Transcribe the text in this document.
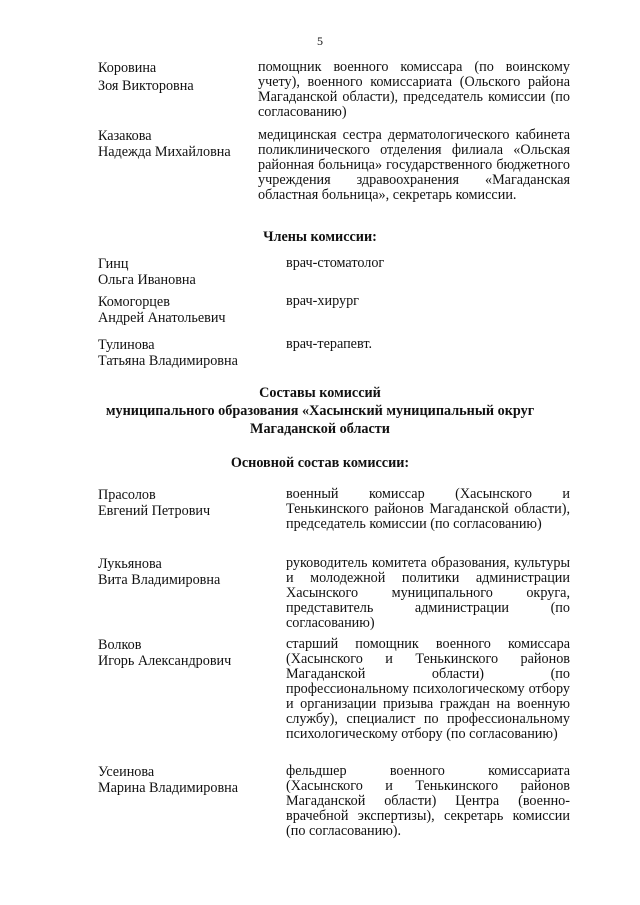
5
Коровина
Зоя Викторовна
помощник военного комиссара (по воинскому учету), военного комиссариата (Ольского района Магаданской области), председатель комиссии (по согласованию)
Казакова
Надежда Михайловна
медицинская сестра дерматологического кабинета поликлинического отделения филиала «Ольская районная больница» государственного бюджетного учреждения здравоохранения «Магаданская областная больница», секретарь комиссии.
Члены комиссии:
Гинц
Ольга Ивановна
врач-стоматолог
Комогорцев
Андрей Анатольевич
врач-хирург
Тулинова
Татьяна Владимировна
врач-терапевт.
Составы комиссий
муниципального образования «Хасынский муниципальный округ
Магаданской области
Основной состав комиссии:
Прасолов
Евгений Петрович
военный комиссар (Хасынского и Тенькинского районов Магаданской области), председатель комиссии (по согласованию)
Лукьянова
Вита Владимировна
руководитель комитета образования, культуры и молодежной политики администрации Хасынского муниципального округа, представитель администрации (по согласованию)
Волков
Игорь Александрович
старший помощник военного комиссара (Хасынского и Тенькинского районов Магаданской области) (по профессиональному психологическому отбору и организации призыва граждан на военную службу), специалист по профессиональному психологическому отбору (по согласованию)
Усеинова
Марина Владимировна
фельдшер военного комиссариата (Хасынского и Тенькинского районов Магаданской области) Центра (военно-врачебной экспертизы), секретарь комиссии (по согласованию).
